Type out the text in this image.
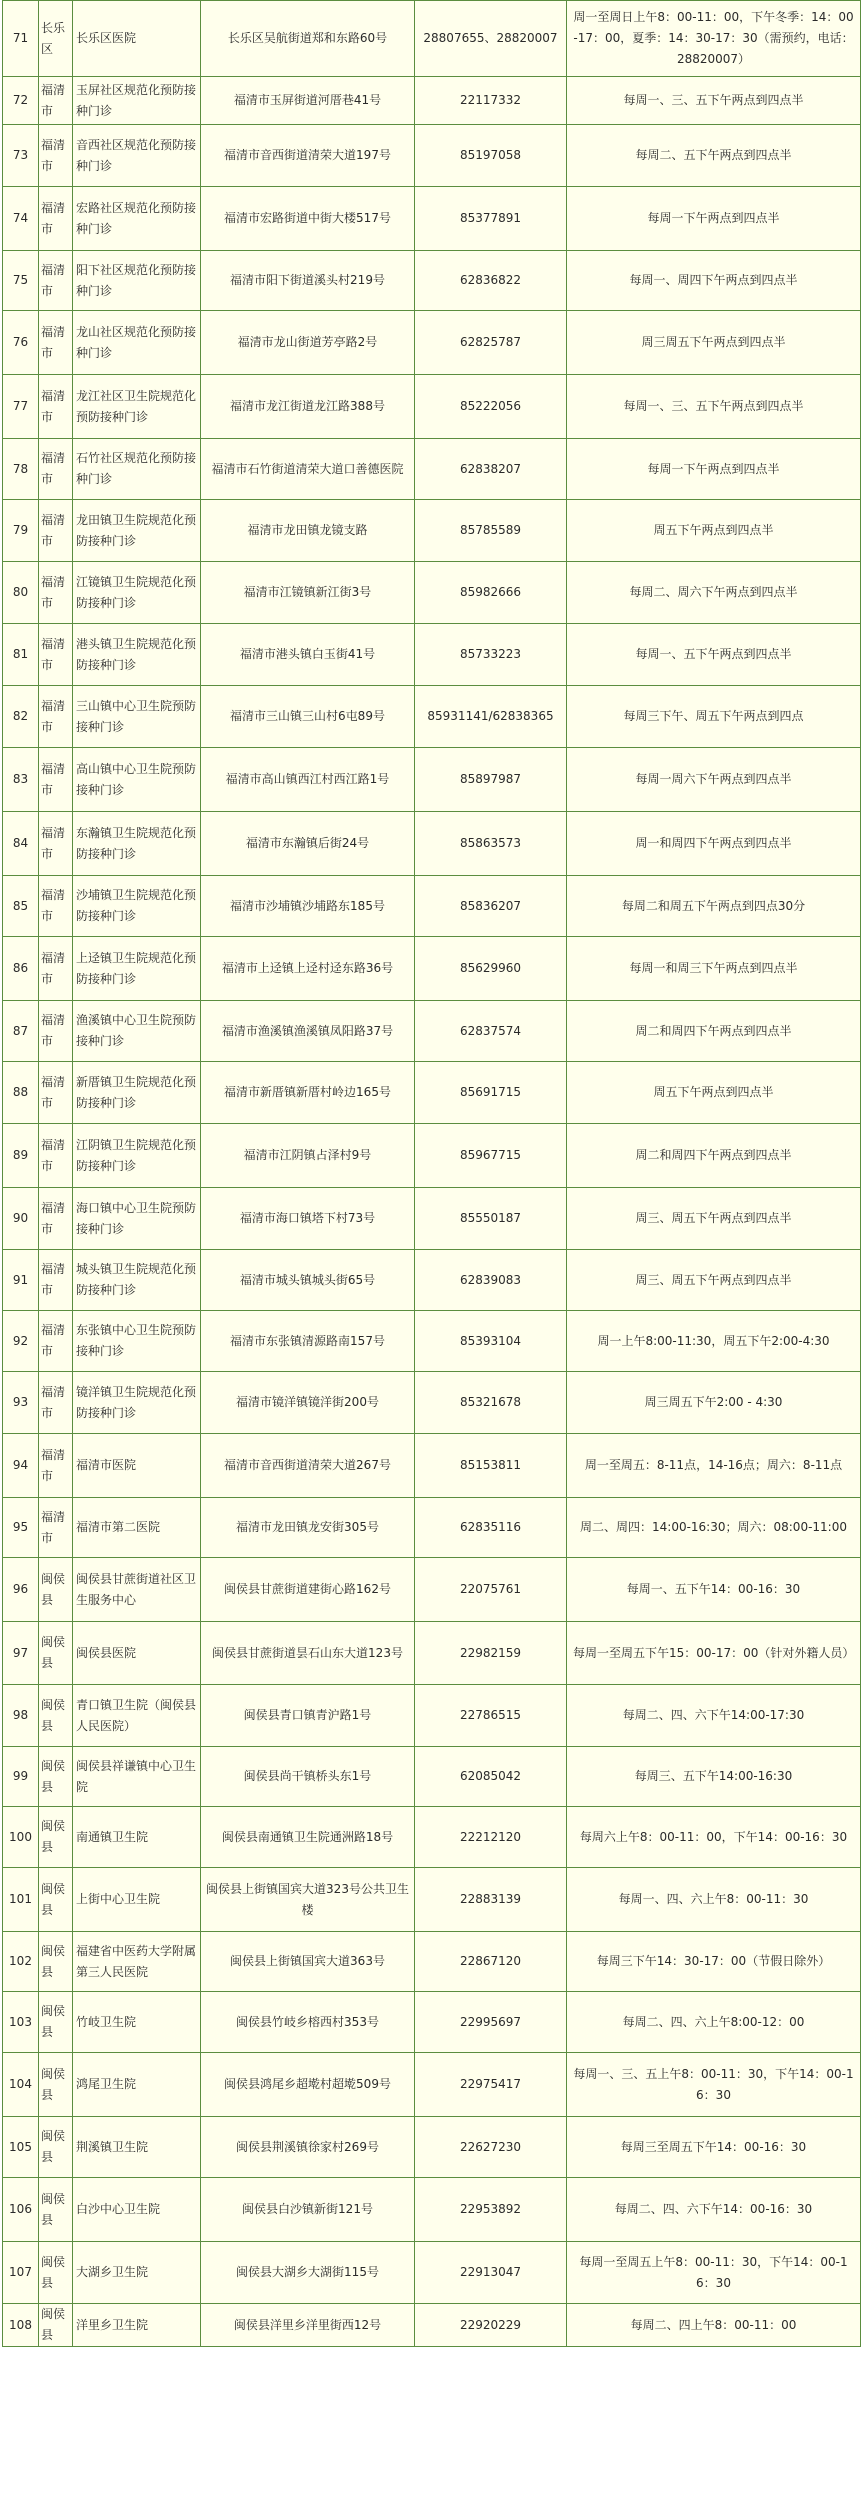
71	长乐区	长乐区医院	长乐区吴航街道郑和东路60号	28807655、28820007	周一至周日上午8：00-11：00，下午冬季：14：00-17：00，夏季：14：30-17：30（需预约，电话：28820007）
72	福清市	玉屏社区规范化预防接种门诊	福清市玉屏街道河厝巷41号	22117332	每周一、三、五下午两点到四点半
73	福清市	音西社区规范化预防接种门诊	福清市音西街道清荣大道197号	85197058	每周二、五下午两点到四点半
74	福清市	宏路社区规范化预防接种门诊	福清市宏路街道中街大楼517号	85377891	每周一下午两点到四点半
75	福清市	阳下社区规范化预防接种门诊	福清市阳下街道溪头村219号	62836822	每周一、周四下午两点到四点半
76	福清市	龙山社区规范化预防接种门诊	福清市龙山街道芳亭路2号	62825787	周三周五下午两点到四点半
77	福清市	龙江社区卫生院规范化预防接种门诊	福清市龙江街道龙江路388号	85222056	每周一、三、五下午两点到四点半
78	福清市	石竹社区规范化预防接种门诊	福清市石竹街道清荣大道口善德医院	62838207	每周一下午两点到四点半
79	福清市	龙田镇卫生院规范化预防接种门诊	福清市龙田镇龙镜支路	85785589	周五下午两点到四点半
80	福清市	江镜镇卫生院规范化预防接种门诊	福清市江镜镇新江街3号	85982666	每周二、周六下午两点到四点半
81	福清市	港头镇卫生院规范化预防接种门诊	福清市港头镇白玉街41号	85733223	每周一、五下午两点到四点半
82	福清市	三山镇中心卫生院预防接种门诊	福清市三山镇三山村6屯89号	85931141/62838365	每周三下午、周五下午两点到四点
83	福清市	高山镇中心卫生院预防接种门诊	福清市高山镇西江村西江路1号	85897987	每周一周六下午两点到四点半
84	福清市	东瀚镇卫生院规范化预防接种门诊	福清市东瀚镇后街24号	85863573	周一和周四下午两点到四点半
85	福清市	沙埔镇卫生院规范化预防接种门诊	福清市沙埔镇沙埔路东185号	85836207	每周二和周五下午两点到四点30分
86	福清市	上迳镇卫生院规范化预防接种门诊	福清市上迳镇上迳村迳东路36号	85629960	每周一和周三下午两点到四点半
87	福清市	渔溪镇中心卫生院预防接种门诊	福清市渔溪镇渔溪镇凤阳路37号	62837574	周二和周四下午两点到四点半
88	福清市	新厝镇卫生院规范化预防接种门诊	福清市新厝镇新厝村岭边165号	85691715	周五下午两点到四点半
89	福清市	江阴镇卫生院规范化预防接种门诊	福清市江阴镇占泽村9号	85967715	周二和周四下午两点到四点半
90	福清市	海口镇中心卫生院预防接种门诊	福清市海口镇塔下村73号	85550187	周三、周五下午两点到四点半
91	福清市	城头镇卫生院规范化预防接种门诊	福清市城头镇城头街65号	62839083	周三、周五下午两点到四点半
92	福清市	东张镇中心卫生院预防接种门诊	福清市东张镇清源路南157号	85393104	周一上午8:00-11:30，周五下午2:00-4:30
93	福清市	镜洋镇卫生院规范化预防接种门诊	福清市镜洋镇镜洋街200号	85321678	周三周五下午2:00 - 4:30
94	福清市	福清市医院	福清市音西街道清荣大道267号	85153811	周一至周五：8-11点，14-16点；周六：8-11点
95	福清市	福清市第二医院	福清市龙田镇龙安街305号	62835116	周二、周四：14:00-16:30；周六：08:00-11:00
96	闽侯县	闽侯县甘蔗街道社区卫生服务中心	闽侯县甘蔗街道建街心路162号	22075761	每周一、五下午14：00-16：30
97	闽侯县	闽侯县医院	闽侯县甘蔗街道昙石山东大道123号	22982159	每周一至周五下午15：00-17：00（针对外籍人员）
98	闽侯县	青口镇卫生院（闽侯县人民医院）	闽侯县青口镇青沪路1号	22786515	每周二、四、六下午14:00-17:30
99	闽侯县	闽侯县祥谦镇中心卫生院	闽侯县尚干镇桥头东1号	62085042	每周三、五下午14:00-16:30
100	闽侯县	南通镇卫生院	闽侯县南通镇卫生院通洲路18号	22212120	每周六上午8：00-11：00，下午14：00-16：30
101	闽侯县	上街中心卫生院	闽侯县上街镇国宾大道323号公共卫生楼	22883139	每周一、四、六上午8：00-11：30
102	闽侯县	福建省中医药大学附属第三人民医院	闽侯县上街镇国宾大道363号	22867120	每周三下午14：30-17：00（节假日除外）
103	闽侯县	竹岐卫生院	闽侯县竹岐乡榕西村353号	22995697	每周二、四、六上午8:00-12：00
104	闽侯县	鸿尾卫生院	闽侯县鸿尾乡超墘村超墘509号	22975417	每周一、三、五上午8：00-11：30，下午14：00-16：30
105	闽侯县	荆溪镇卫生院	闽侯县荆溪镇徐家村269号	22627230	每周三至周五下午14：00-16：30
106	闽侯县	白沙中心卫生院	闽侯县白沙镇新街121号	22953892	每周二、四、六下午14：00-16：30
107	闽侯县	大湖乡卫生院	闽侯县大湖乡大湖街115号	22913047	每周一至周五上午8：00-11：30，下午14：00-16：30
108	闽侯县	洋里乡卫生院	闽侯县洋里乡洋里街西12号	22920229	每周二、四上午8：00-11：00
